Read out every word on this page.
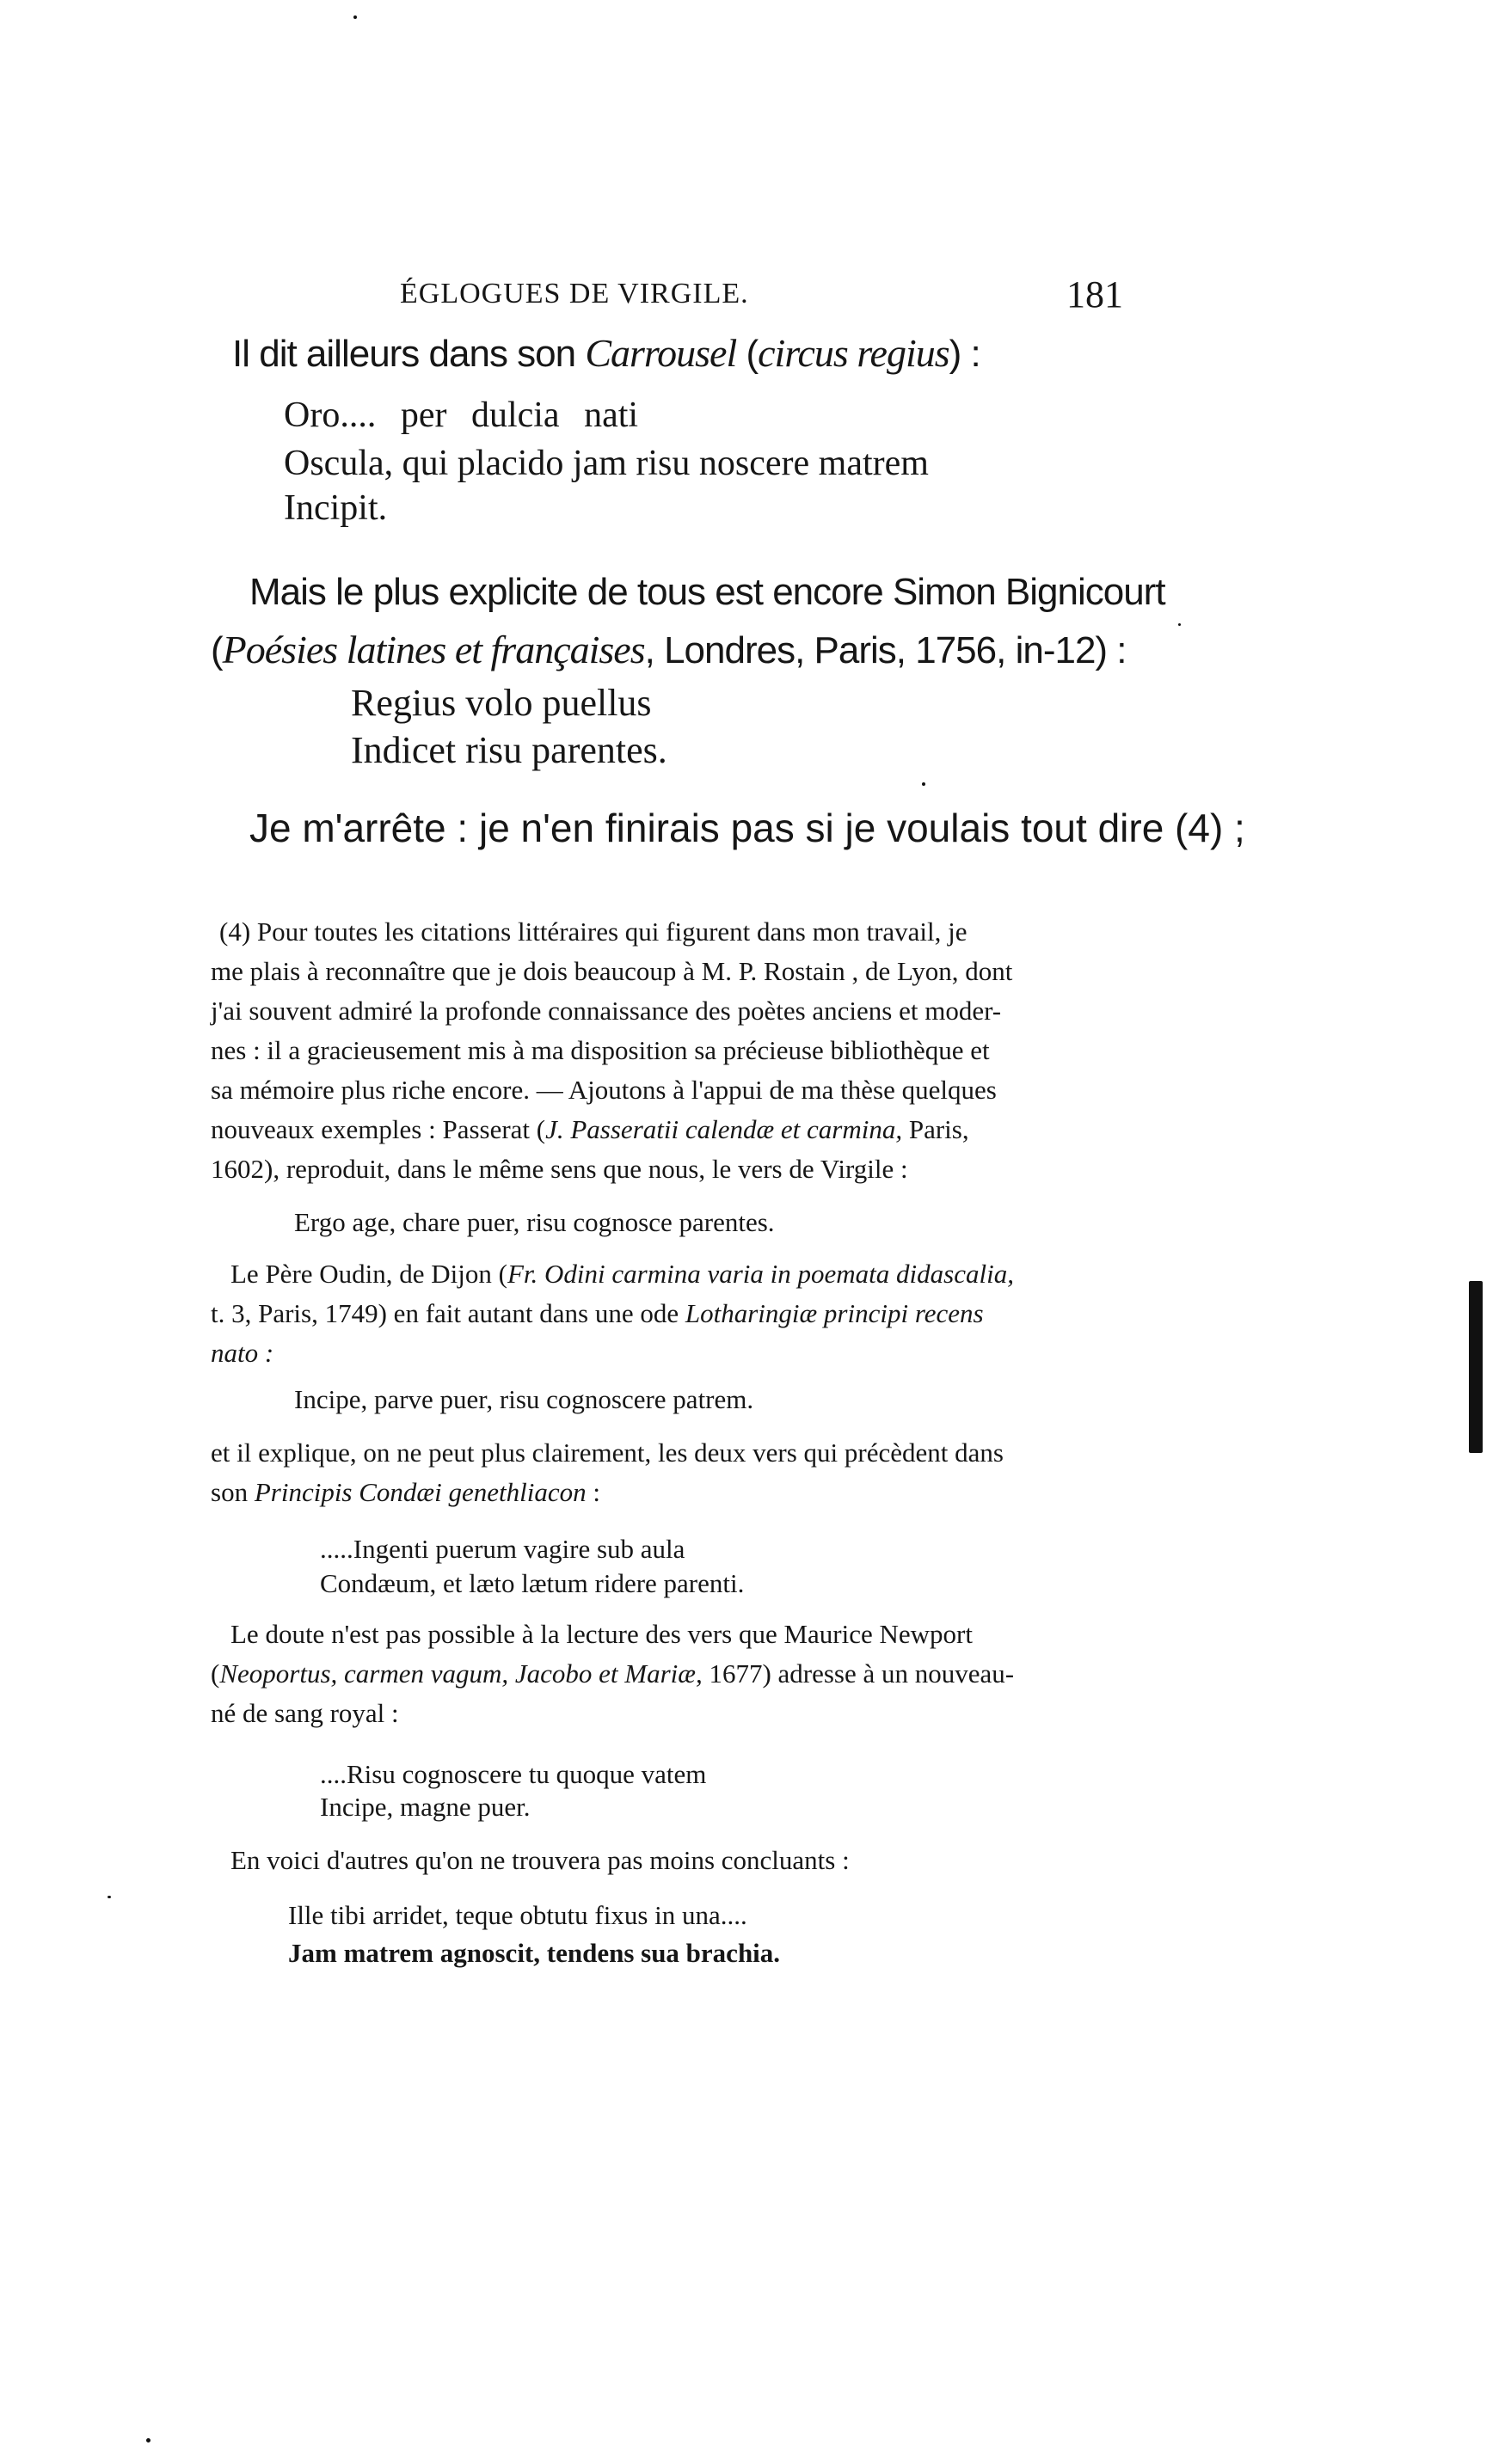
ÉGLOGUES DE VIRGILE.	181
Il dit ailleurs dans son Carrousel (circus regius) :
Oro.... per dulcia nati
Oscula, qui placido jam risu noscere matrem
Incipit.
Mais le plus explicite de tous est encore Simon Bignicourt
(Poésies latines et françaises, Londres, Paris, 1756, in-12) :
Regius volo puellus
Indicet risu parentes.
Je m'arrête : je n'en finirais pas si je voulais tout dire (4) ;
(4) Pour toutes les citations littéraires qui figurent dans mon travail, je
me plais à reconnaître que je dois beaucoup à M. P. Rostain , de Lyon, dont
j'ai souvent admiré la profonde connaissance des poètes anciens et moder-
nes : il a gracieusement mis à ma disposition sa précieuse bibliothèque et
sa mémoire plus riche encore. — Ajoutons à l'appui de ma thèse quelques
nouveaux exemples : Passerat (J. Passeratii calendæ et carmina, Paris,
1602), reproduit, dans le même sens que nous, le vers de Virgile :
Ergo age, chare puer, risu cognosce parentes.
Le Père Oudin, de Dijon (Fr. Odini carmina varia in poemata didascalia,
t. 3, Paris, 1749) en fait autant dans une ode Lotharingiæ principi recens
nato :
Incipe, parve puer, risu cognoscere patrem.
et il explique, on ne peut plus clairement, les deux vers qui précèdent dans
son Principis Condæi genethliacon :
.....Ingenti puerum vagire sub aula
Condæum, et læto lætum ridere parenti.
Le doute n'est pas possible à la lecture des vers que Maurice Newport
(Neoportus, carmen vagum, Jacobo et Mariæ, 1677) adresse à un nouveau-
né de sang royal :
....Risu cognoscere tu quoque vatem
Incipe, magne puer.
En voici d'autres qu'on ne trouvera pas moins concluants :
Ille tibi arridet, teque obtutu fixus in una....
Jam matrem agnoscit, tendens sua brachia.
